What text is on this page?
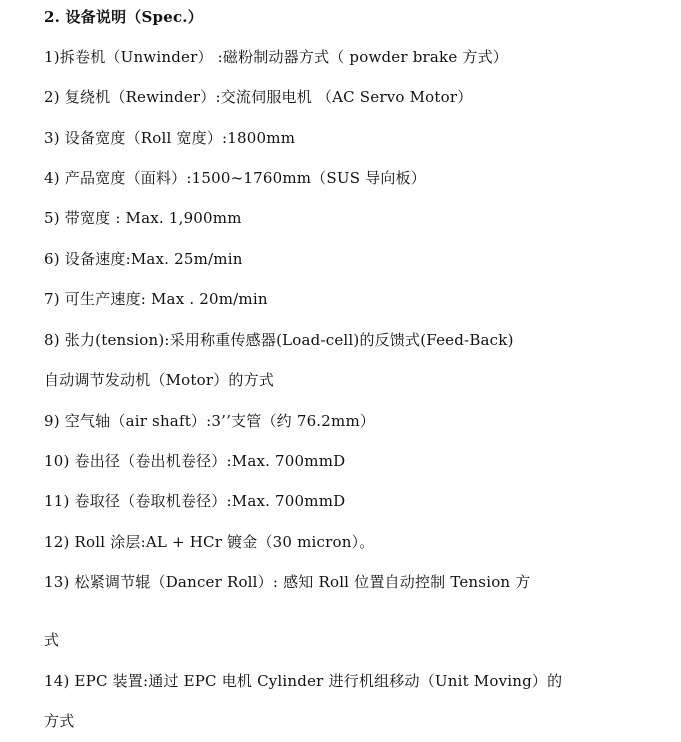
2. 设备说明（Spec.）
1)拆卷机（Unwinder） :磁粉制动器方式（ powder brake 方式）
2) 复绕机（Rewinder）:交流伺服电机 （AC Servo Motor）
3) 设备宽度（Roll 宽度）:1800mm
4) 产品宽度（面料）:1500~1760mm（SUS 导向板）
5) 带宽度 : Max. 1,900mm
6) 设备速度:Max. 25m/min
7) 可生产速度: Max . 20m/min
8) 张力(tension):采用称重传感器(Load-cell)的反馈式(Feed-Back)
自动调节发动机（Motor）的方式
9) 空气轴（air shaft）:3’’支管（约 76.2mm）
10) 卷出径（卷出机卷径）:Max. 700mmD
11) 卷取径（卷取机卷径）:Max. 700mmD
12) Roll 涂层:AL + HCr 镀金（30 micron）。
13) 松紧调节辊（Dancer Roll）: 感知 Roll 位置自动控制 Tension 方
式
14) EPC 装置:通过 EPC 电机 Cylinder 进行机组移动（Unit Moving）的
方式
